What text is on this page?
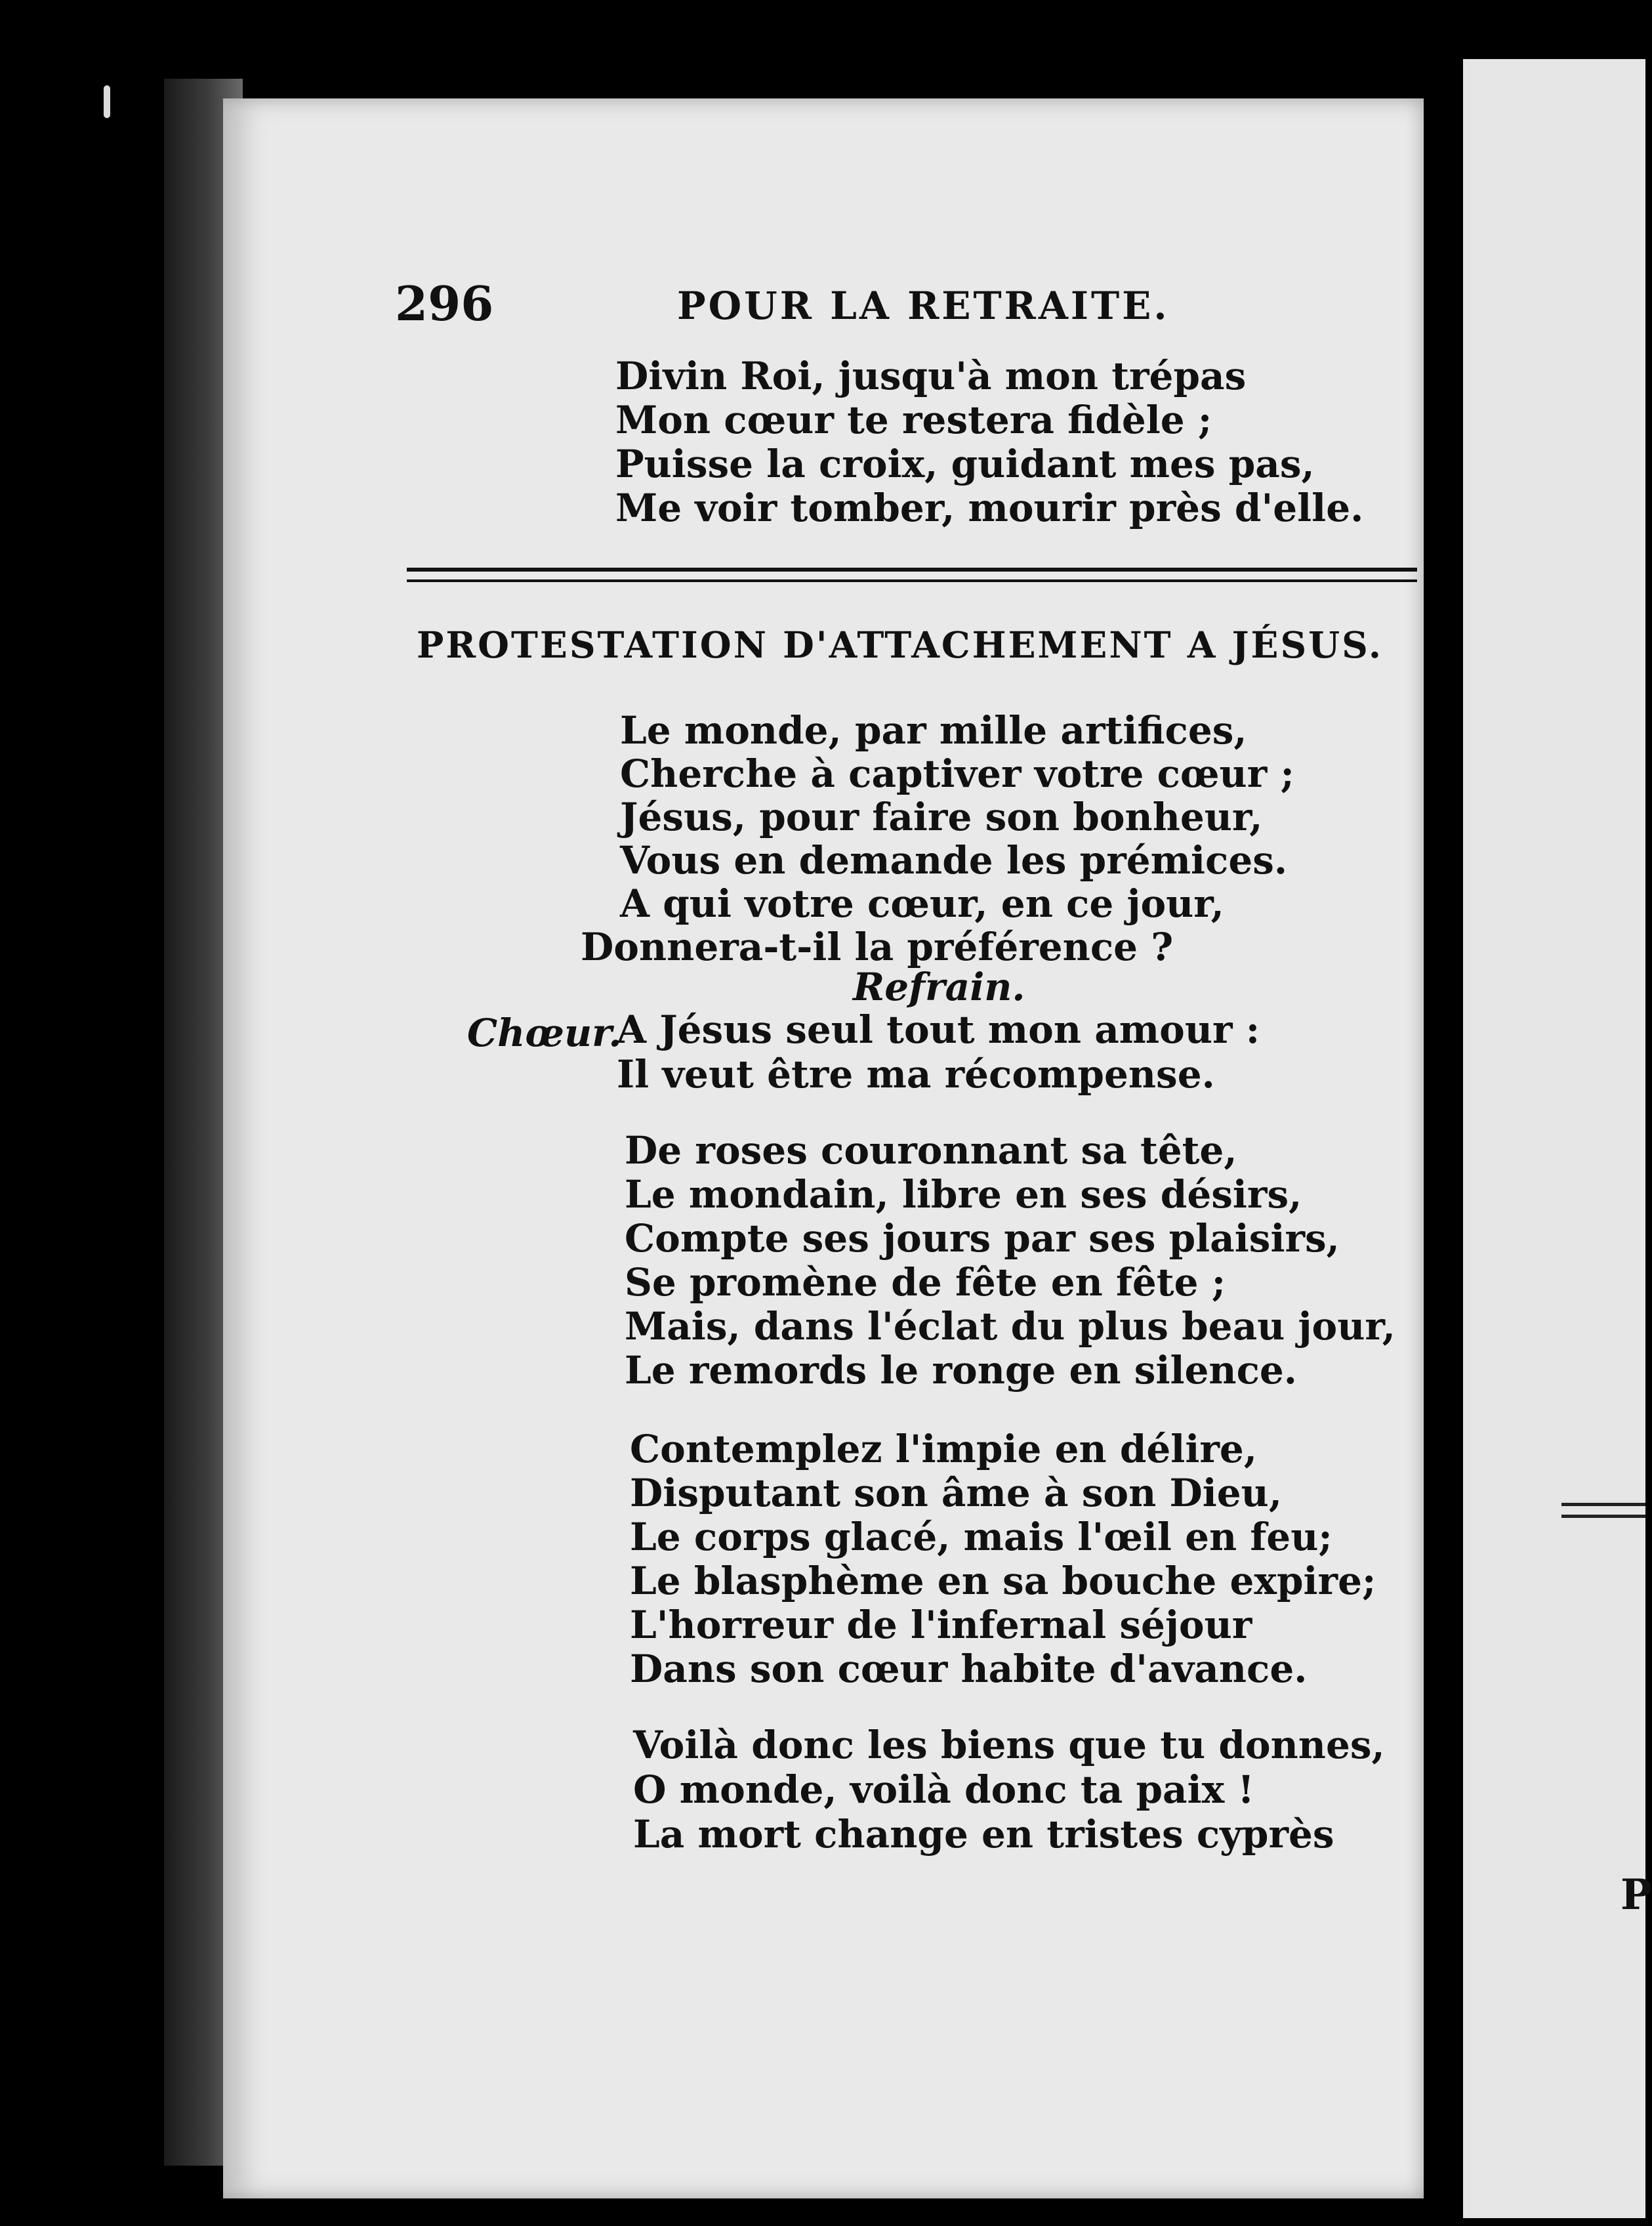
P
296	POUR LA RETRAITE.
Divin Roi, jusqu'à mon trépas
Mon cœur te restera fidèle ;
Puisse la croix, guidant mes pas,
Me voir tomber, mourir près d'elle.
PROTESTATION D'ATTACHEMENT A JÉSUS.
Le monde, par mille artifices,
Cherche à captiver votre cœur ;
Jésus, pour faire son bonheur,
Vous en demande les prémices.
A qui votre cœur, en ce jour,
Donnera-t-il la préférence ?
Refrain.
Chœur.
A Jésus seul tout mon amour :
Il veut être ma récompense.
De roses couronnant sa tête,
Le mondain, libre en ses désirs,
Compte ses jours par ses plaisirs,
Se promène de fête en fête ;
Mais, dans l'éclat du plus beau jour,
Le remords le ronge en silence.
Contemplez l'impie en délire,
Disputant son âme à son Dieu,
Le corps glacé, mais l'œil en feu;
Le blasphème en sa bouche expire;
L'horreur de l'infernal séjour
Dans son cœur habite d'avance.
Voilà donc les biens que tu donnes,
O monde, voilà donc ta paix !
La mort change en tristes cyprès
